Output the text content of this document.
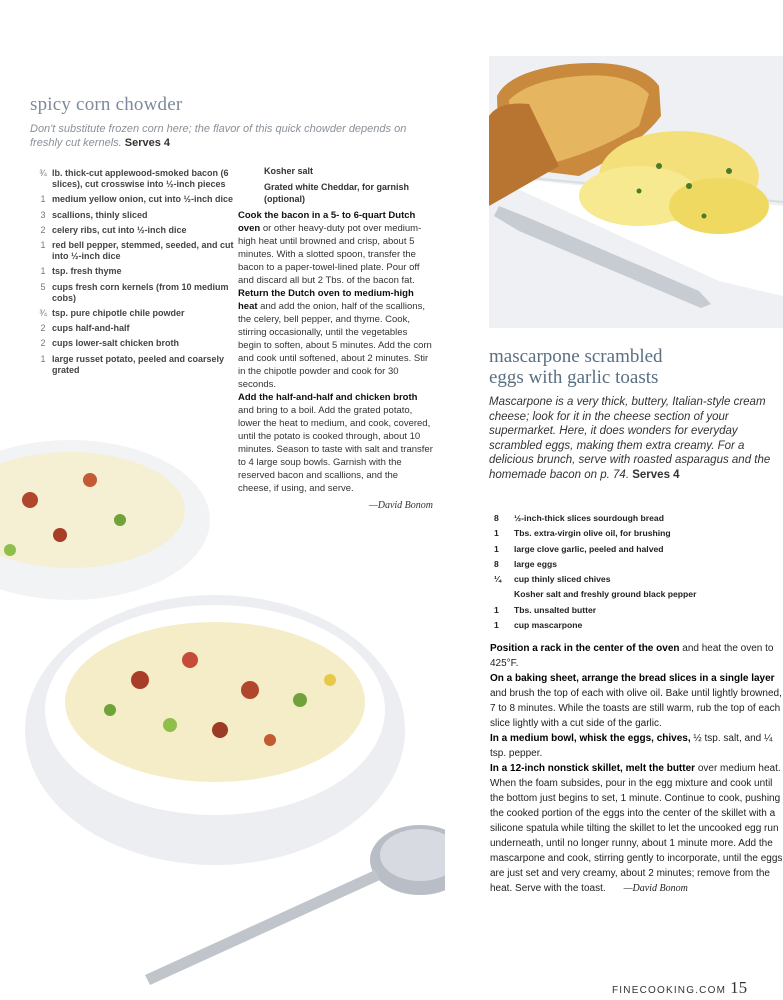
spicy corn chowder
Don't substitute frozen corn here; the flavor of this quick chowder depends on freshly cut kernels. Serves 4
¾ lb. thick-cut applewood-smoked bacon (6 slices), cut crosswise into ½-inch pieces
1 medium yellow onion, cut into ½-inch dice
3 scallions, thinly sliced
2 celery ribs, cut into ½-inch dice
1 red bell pepper, stemmed, seeded, and cut into ½-inch dice
1 tsp. fresh thyme
5 cups fresh corn kernels (from 10 medium cobs)
¾ tsp. pure chipotle chile powder
2 cups half-and-half
2 cups lower-salt chicken broth
1 large russet potato, peeled and coarsely grated
Kosher salt
Grated white Cheddar, for garnish (optional)

Cook the bacon in a 5- to 6-quart Dutch oven or other heavy-duty pot over medium-high heat until browned and crisp, about 5 minutes. With a slotted spoon, transfer the bacon to a paper-towel-lined plate. Pour off and discard all but 2 Tbs. of the bacon fat.

Return the Dutch oven to medium-high heat and add the onion, half of the scallions, the celery, bell pepper, and thyme. Cook, stirring occasionally, until the vegetables begin to soften, about 5 minutes. Add the corn and cook until softened, about 2 minutes. Stir in the chipotle powder and cook for 30 seconds.

Add the half-and-half and chicken broth and bring to a boil. Add the grated potato, lower the heat to medium, and cook, covered, until the potato is cooked through, about 10 minutes. Season to taste with salt and transfer to 4 large soup bowls. Garnish with the reserved bacon and scallions, and the cheese, if using, and serve.

—David Bonom
mascarpone scrambled
eggs with garlic toasts
Mascarpone is a very thick, buttery, Italian-style cream cheese; look for it in the cheese section of your supermarket. Here, it does wonders for everyday scrambled eggs, making them extra creamy. For a delicious brunch, serve with roasted asparagus and the homemade bacon on p. 74. Serves 4
8	½-inch-thick slices sourdough bread
1	Tbs. extra-virgin olive oil, for brushing
1	large clove garlic, peeled and halved
8	large eggs
¼	cup thinly sliced chives
Kosher salt and freshly ground black pepper
1	Tbs. unsalted butter
1	cup mascarpone

Position a rack in the center of the oven and heat the oven to 425°F.

On a baking sheet, arrange the bread slices in a single layer and brush the top of each with olive oil. Bake until lightly browned, 7 to 8 minutes. While the toasts are still warm, rub the top of each slice lightly with a cut side of the garlic.

In a medium bowl, whisk the eggs, chives, ½ tsp. salt, and ¼ tsp. pepper.

In a 12-inch nonstick skillet, melt the butter over medium heat. When the foam subsides, pour in the egg mixture and cook until the bottom just begins to set, 1 minute. Continue to cook, pushing the cooked portion of the eggs into the center of the skillet with a silicone spatula while tilting the skillet to let the uncooked egg run underneath, until no longer runny, about 1 minute more. Add the mascarpone and cook, stirring gently to incorporate, until the eggs are just set and very creamy, about 2 minutes; remove from the heat. Serve with the toast. —David Bonom

FINECOOKING.COM 15
